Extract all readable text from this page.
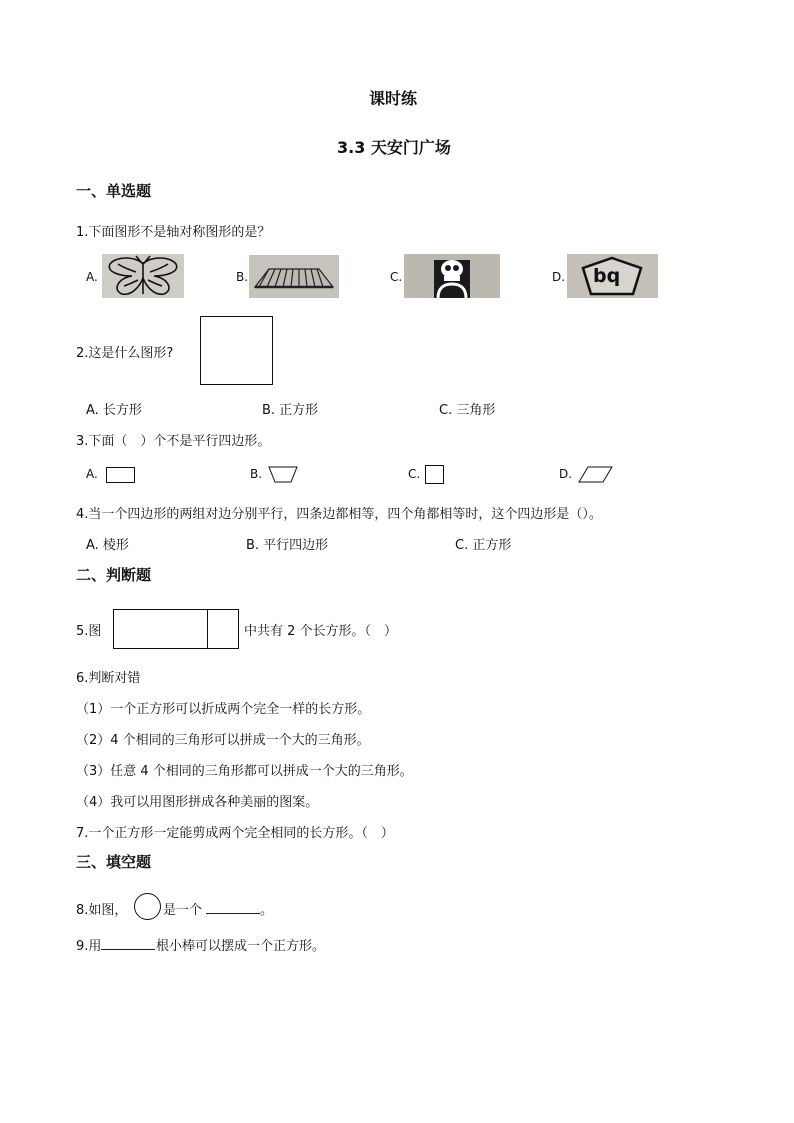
课时练
3.3 天安门广场
一、单选题
1.下面图形不是轴对称图形的是？
A.	B.	C.	D. bq
2.这是什么图形?
A. 长方形	B. 正方形	C. 三角形
3.下面（　）个不是平行四边形。
A.	B.	C.	D.
4.当一个四边形的两组对边分别平行，四条边都相等，四个角都相等时，这个四边形是（）。
A. 棱形	B. 平行四边形	C. 正方形
二、判断题
5.图	中共有 2 个长方形。（　）
6.判断对错
（1）一个正方形可以折成两个完全一样的长方形。
（2）4 个相同的三角形可以拼成一个大的三角形。
（3）任意 4 个相同的三角形都可以拼成一个大的三角形。
（4）我可以用图形拼成各种美丽的图案。
7.一个正方形一定能剪成两个完全相同的长方形。（　）
三、填空题
8.如图，	是一个	。
9.用	根小棒可以摆成一个正方形。
